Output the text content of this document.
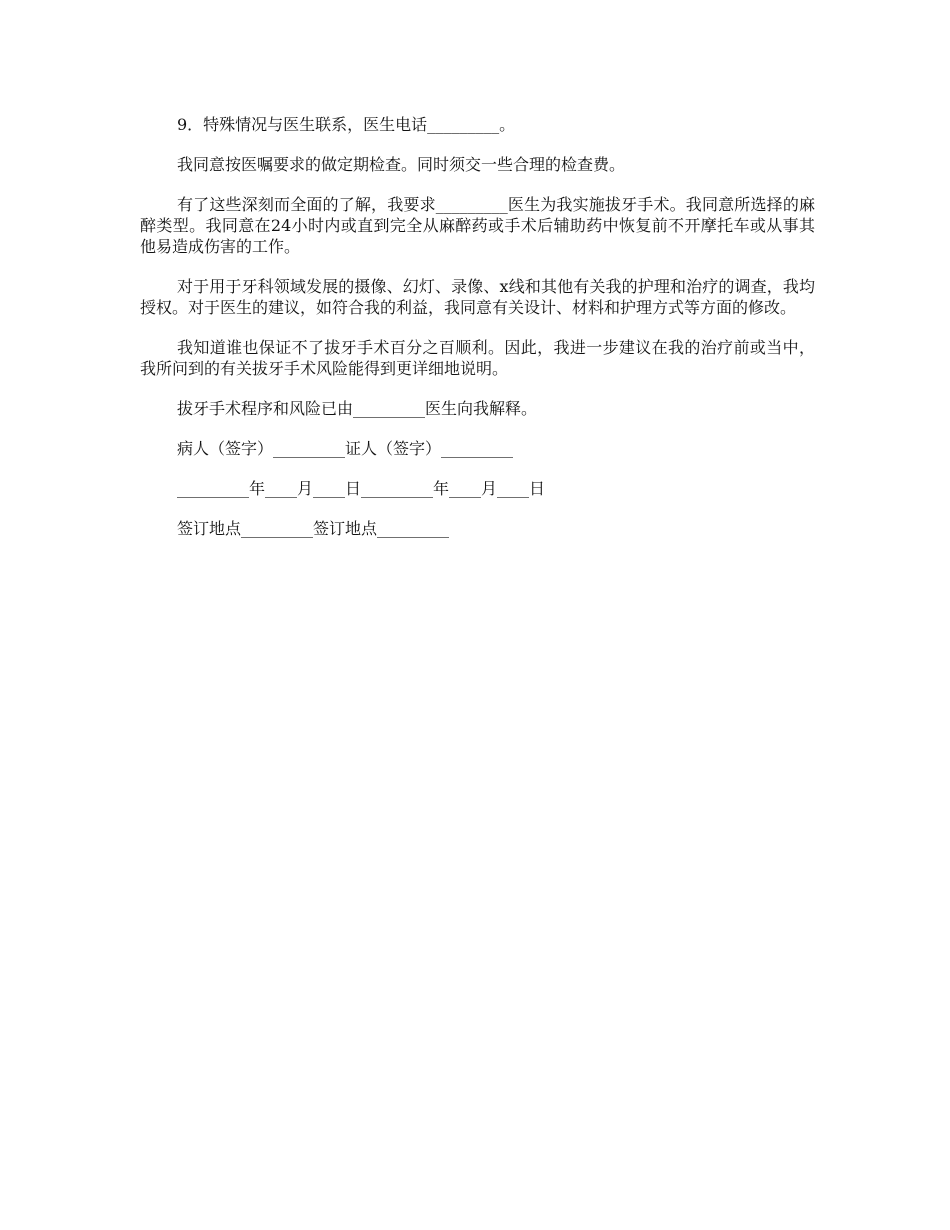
9．特殊情况与医生联系，医生电话_________。

我同意按医嘱要求的做定期检查。同时须交一些合理的检查费。

有了这些深刻而全面的了解，我要求_________医生为我实施拔牙手术。我同意所选择的麻醉类型。我同意在24小时内或直到完全从麻醉药或手术后辅助药中恢复前不开摩托车或从事其他易造成伤害的工作。

对于用于牙科领域发展的摄像、幻灯、录像、x线和其他有关我的护理和治疗的调查，我均授权。对于医生的建议，如符合我的利益，我同意有关设计、材料和护理方式等方面的修改。

我知道谁也保证不了拔牙手术百分之百顺利。因此，我进一步建议在我的治疗前或当中，我所问到的有关拔牙手术风险能得到更详细地说明。

拔牙手术程序和风险已由_________医生向我解释。

病人（签字）_________证人（签字）_________

_________年____月____日_________年____月____日

签订地点_________签订地点_________
